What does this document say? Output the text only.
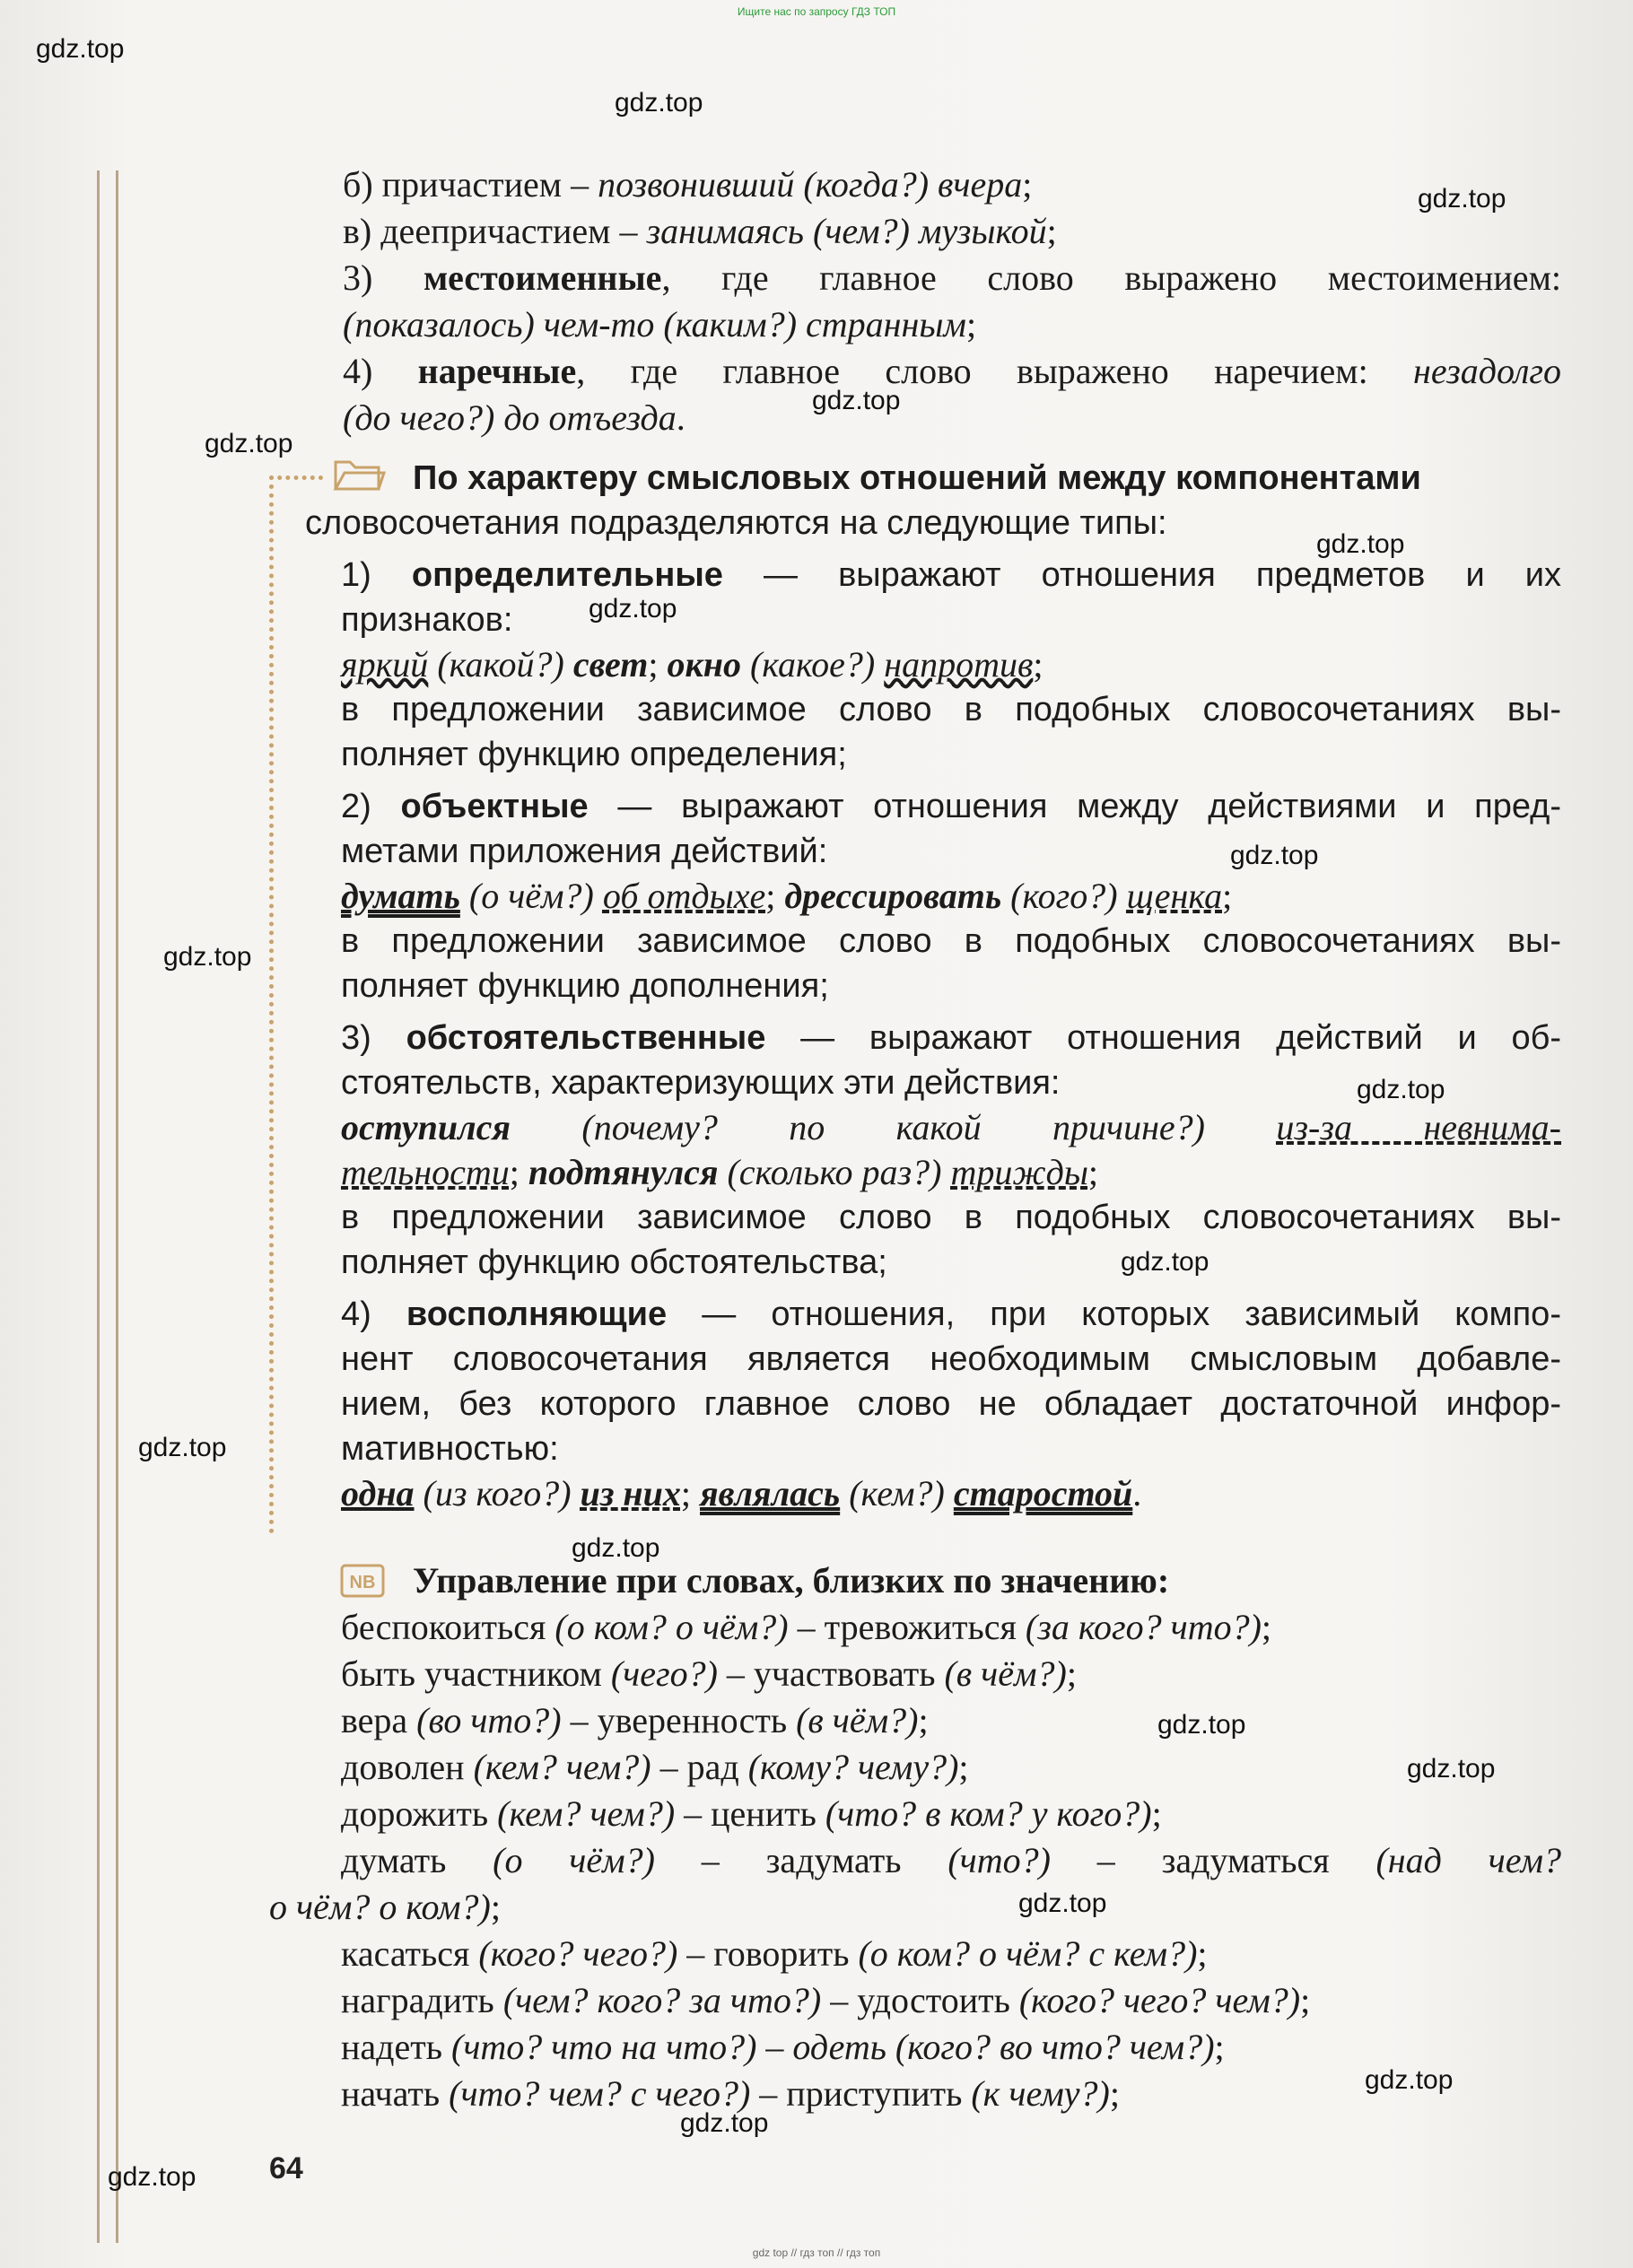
Ищите нас по запросу ГДЗ ТОП
б) причастием – позвонивший (когда?) вчера;
в) деепричастием – занимаясь (чем?) музыкой;
3) местоименные, где главное слово выражено местоимением:
(показалось) чем-то (каким?) странным;
4) наречные, где главное слово выражено наречием: незадолго
(до чего?) до отъезда.
По характеру смысловых отношений между компонентами
словосочетания подразделяются на следующие типы:
1) определительные — выражают отношения предметов и их
признаков:
яркий (какой?) свет; окно (какое?) напротив;
в предложении зависимое слово в подобных словосочетаниях вы-
полняет функцию определения;
2) объектные — выражают отношения между действиями и пред-
метами приложения действий:
думать (о чём?) об отдыхе; дрессировать (кого?) щенка;
в предложении зависимое слово в подобных словосочетаниях вы-
полняет функцию дополнения;
3) обстоятельственные — выражают отношения действий и об-
стоятельств, характеризующих эти действия:
оступился (почему? по какой причине?) из-за невнима-
тельности; подтянулся (сколько раз?) трижды;
в предложении зависимое слово в подобных словосочетаниях вы-
полняет функцию обстоятельства;
4) восполняющие — отношения, при которых зависимый компо-
нент словосочетания является необходимым смысловым добавле-
нием, без которого главное слово не обладает достаточной инфор-
мативностью:
одна (из кого?) из них; являлась (кем?) старостой.
NB	Управление при словах, близких по значению:
беспокоиться (о ком? о чём?) – тревожиться (за кого? что?);
быть участником (чего?) – участвовать (в чём?);
вера (во что?) – уверенность (в чём?);
доволен (кем? чем?) – рад (кому? чему?);
дорожить (кем? чем?) – ценить (что? в ком? у кого?);
думать (о чём?) – задумать (что?) – задуматься (над чем?
о чём? о ком?);
касаться (кого? чего?) – говорить (о ком? о чём? с кем?);
наградить (чем? кого? за что?) – удостоить (кого? чего? чем?);
надеть (что? что на что?) – одеть (кого? во что? чем?);
начать (что? чем? с чего?) – приступить (к чему?);
64
gdz.top
gdz.top
gdz.top
gdz.top
gdz.top
gdz.top
gdz.top
gdz.top
gdz.top
gdz.top
gdz.top
gdz.top
gdz.top
gdz.top
gdz.top
gdz.top
gdz.top
gdz.top
gdz.top
gdz top // гдз топ // гдз топ
